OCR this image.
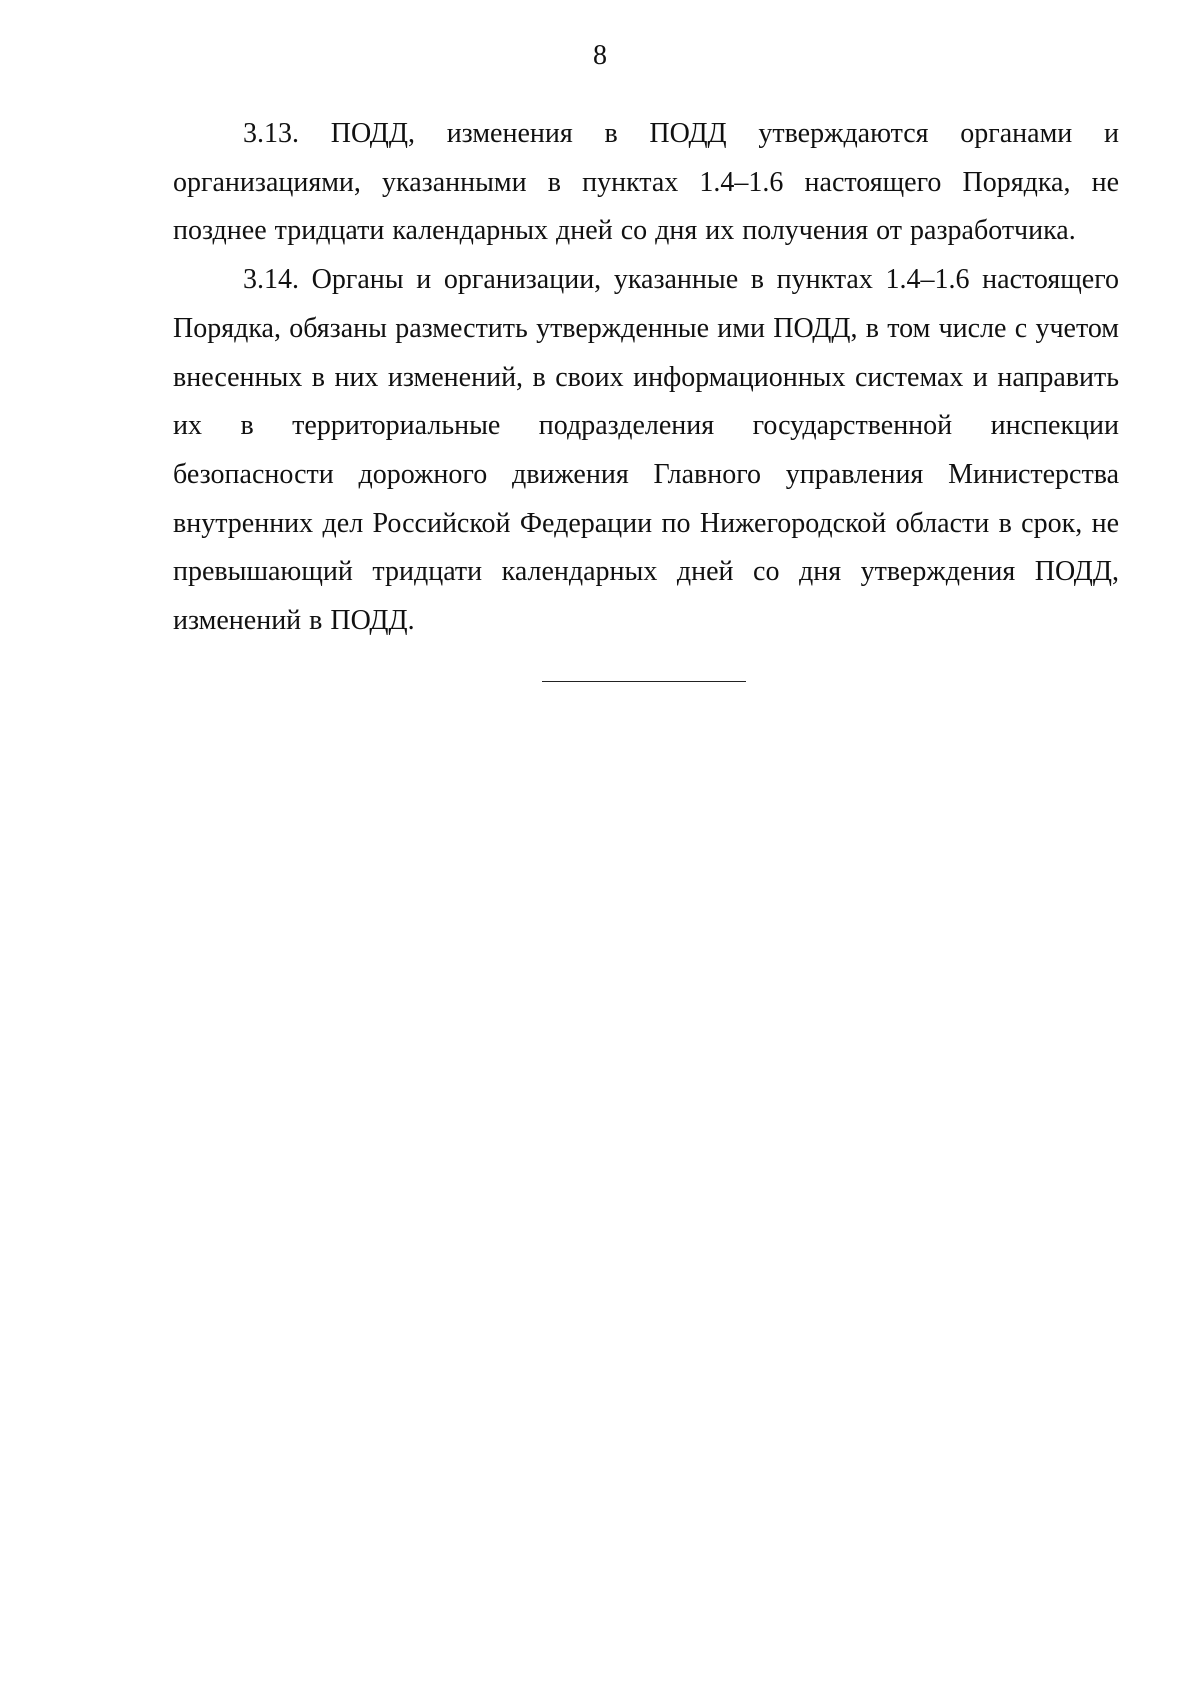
8

3.13. ПОДД, изменения в ПОДД утверждаются органами и организациями, указанными в пунктах 1.4–1.6 настоящего Порядка, не позднее тридцати календарных дней со дня их получения от разработчика.

3.14. Органы и организации, указанные в пунктах 1.4–1.6 настоящего Порядка, обязаны разместить утвержденные ими ПОДД, в том числе с учетом внесенных в них изменений, в своих информационных системах и направить их в территориальные подразделения государственной инспекции безопасности дорожного движения Главного управления Министерства внутренних дел Российской Федерации по Нижегородской области в срок, не превышающий тридцати календарных дней со дня утверждения ПОДД, изменений в ПОДД.
